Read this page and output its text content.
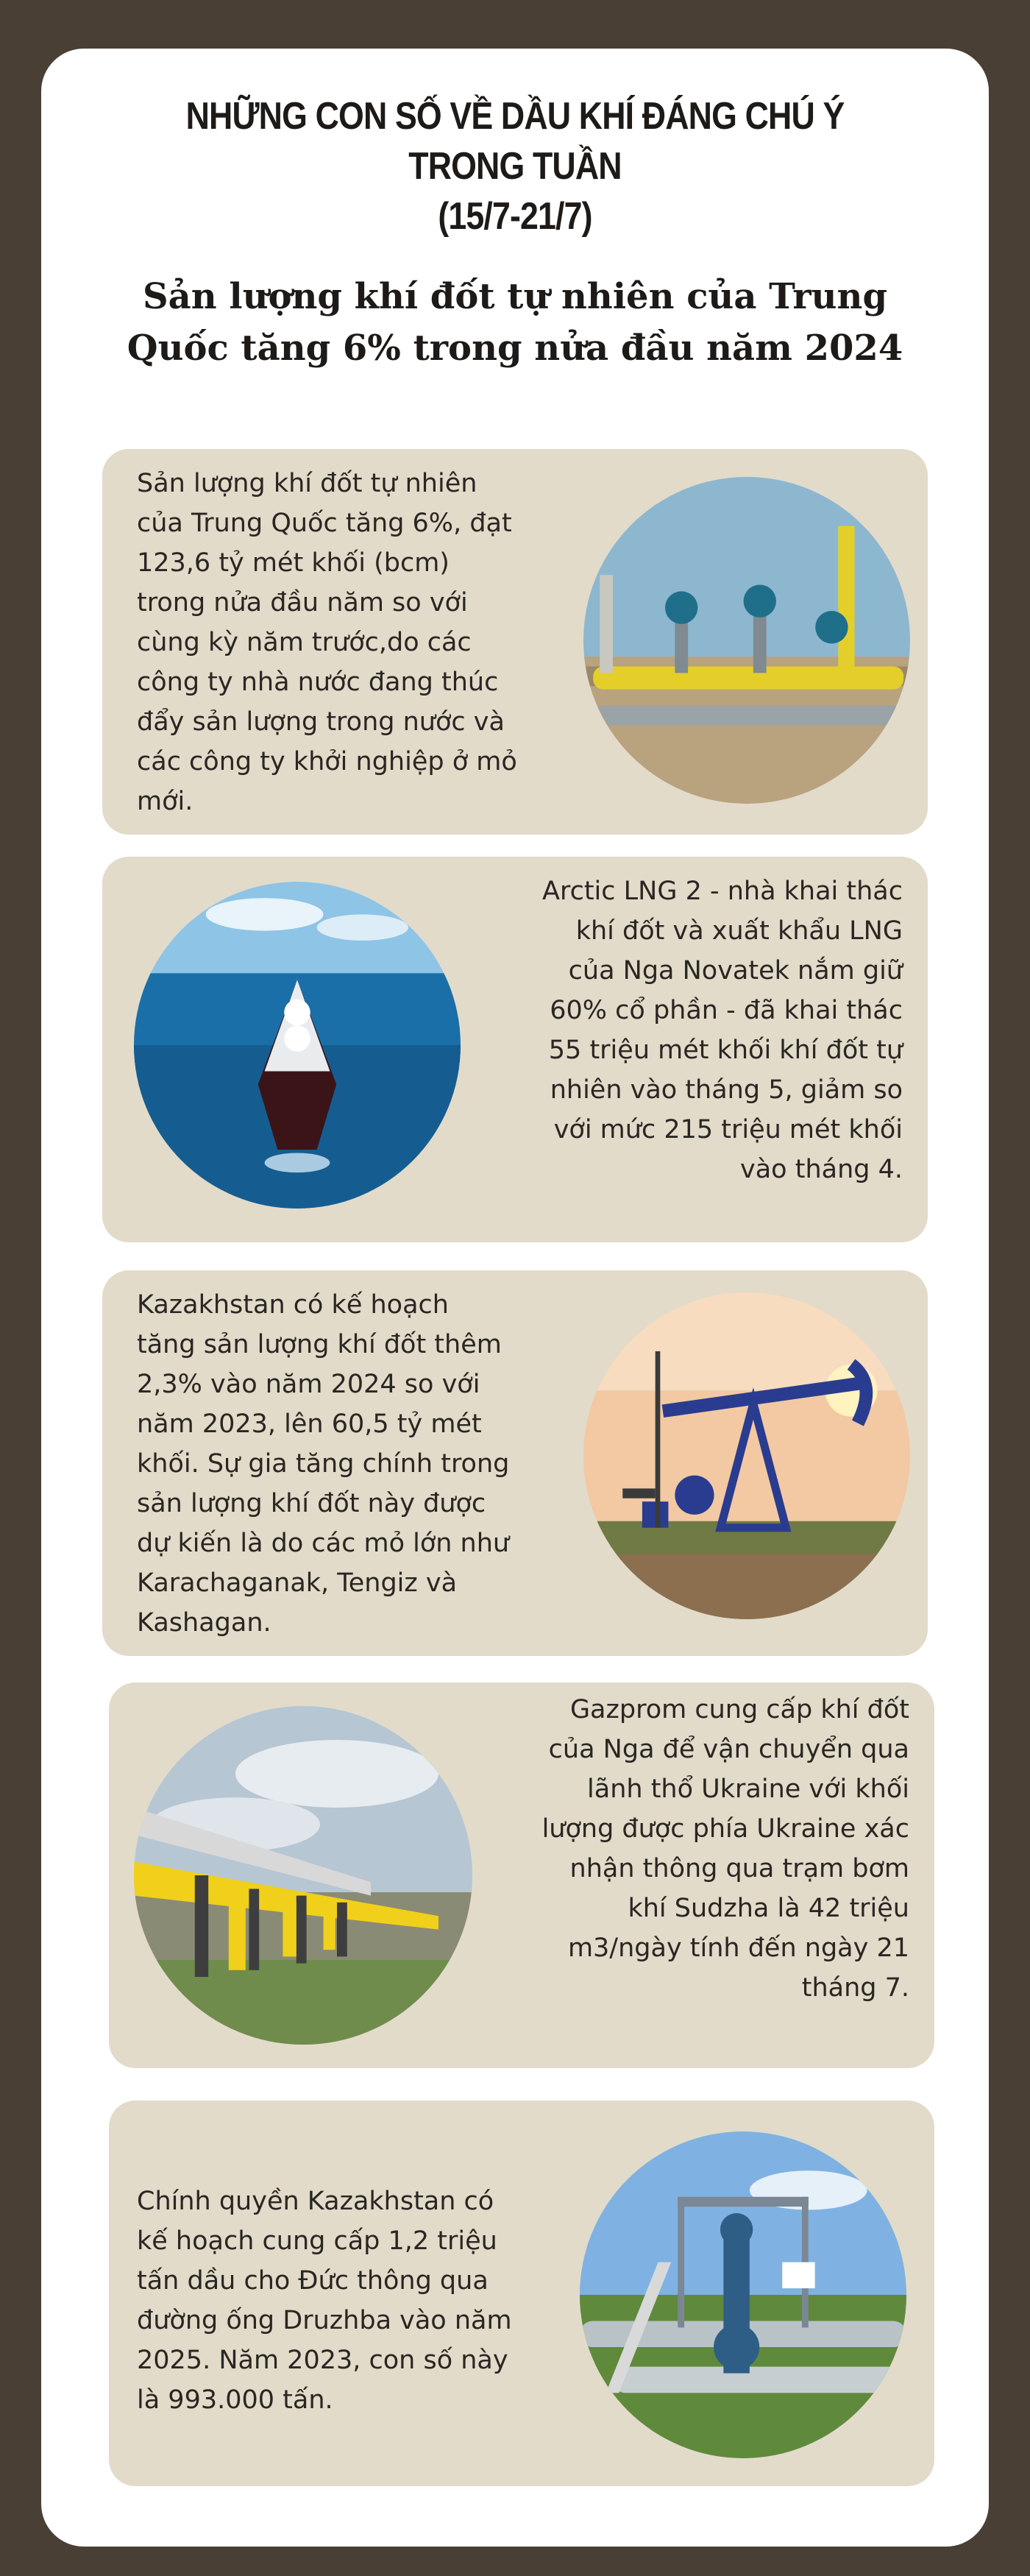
NHỮNG CON SỐ VỀ DẦU KHÍ ĐÁNG CHÚ Ý TRONG TUẦN
(15/7-21/7)
Sản lượng khí đốt tự nhiên của Trung
Quốc tăng 6% trong nửa đầu năm 2024
Sản lượng khí đốt tự nhiên
của Trung Quốc tăng 6%, đạt
123,6 tỷ mét khối (bcm)
trong nửa đầu năm so với
cùng kỳ năm trước,do các
công ty nhà nước đang thúc
đẩy sản lượng trong nước và
các công ty khởi nghiệp ở mỏ
mới.
Arctic LNG 2 - nhà khai thác
khí đốt và xuất khẩu LNG
của Nga Novatek nắm giữ
60% cổ phần - đã khai thác
55 triệu mét khối khí đốt tự
nhiên vào tháng 5, giảm so
với mức 215 triệu mét khối
vào tháng 4.
Kazakhstan có kế hoạch
tăng sản lượng khí đốt thêm
2,3% vào năm 2024 so với
năm 2023, lên 60,5 tỷ mét
khối. Sự gia tăng chính trong
sản lượng khí đốt này được
dự kiến là do các mỏ lớn như
Karachaganak, Tengiz và
Kashagan.
Gazprom cung cấp khí đốt
của Nga để vận chuyển qua
lãnh thổ Ukraine với khối
lượng được phía Ukraine xác
nhận thông qua trạm bơm
khí Sudzha là 42 triệu
m3/ngày tính đến ngày 21
tháng 7.
Chính quyền Kazakhstan có
kế hoạch cung cấp 1,2 triệu
tấn dầu cho Đức thông qua
đường ống Druzhba vào năm
2025. Năm 2023, con số này
là 993.000 tấn.
